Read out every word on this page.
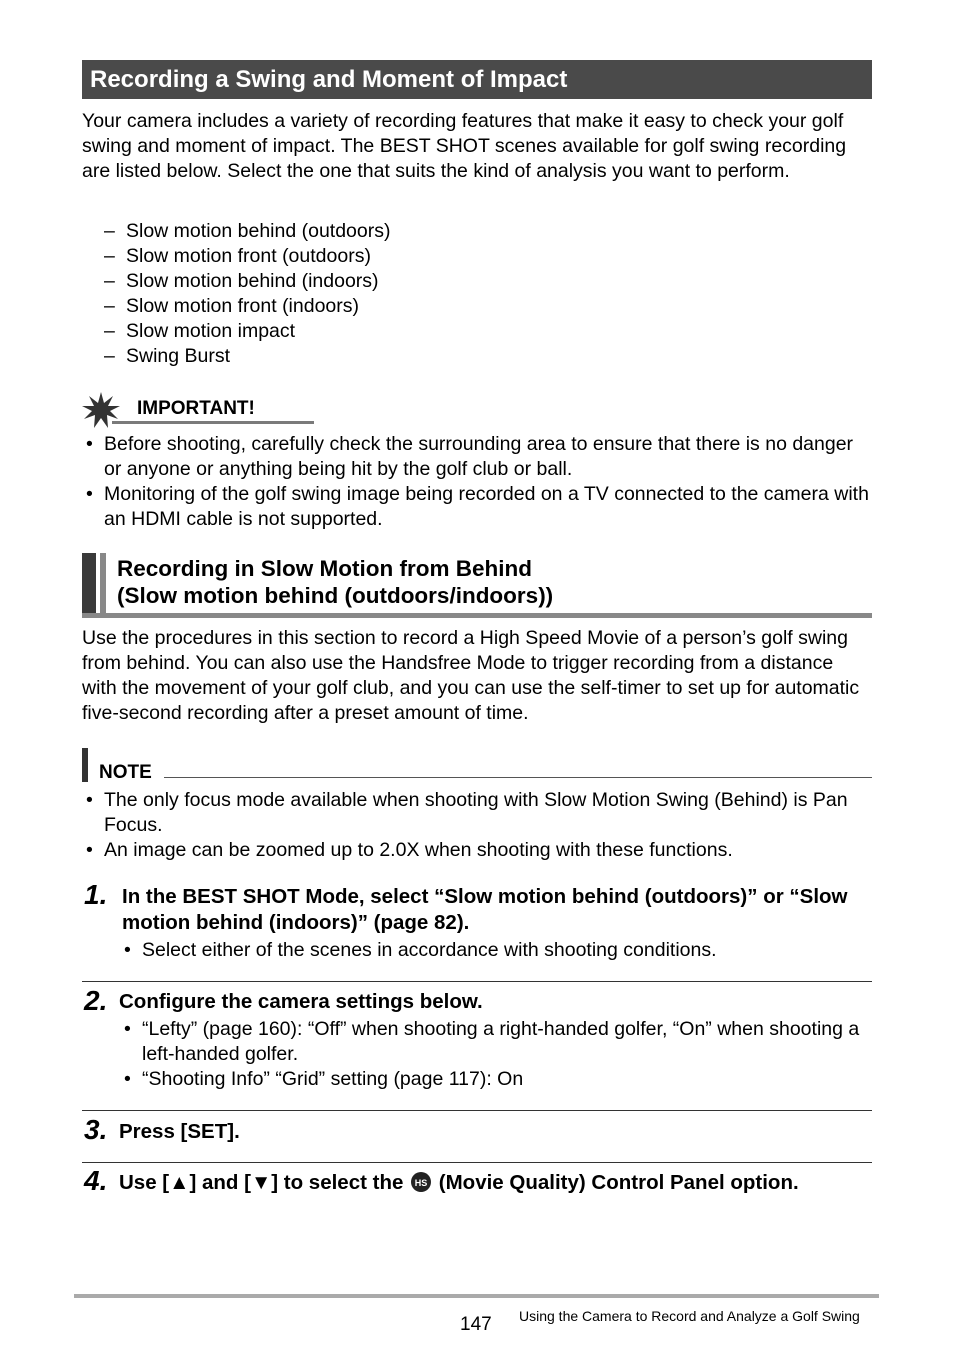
Recording a Swing and Moment of Impact

Your camera includes a variety of recording features that make it easy to check your golf swing and moment of impact. The BEST SHOT scenes available for golf swing recording are listed below. Select the one that suits the kind of analysis you want to perform.

– Slow motion behind (outdoors)
– Slow motion front (outdoors)
– Slow motion behind (indoors)
– Slow motion front (indoors)
– Slow motion impact
– Swing Burst
IMPORTANT!
• Before shooting, carefully check the surrounding area to ensure that there is no danger or anyone or anything being hit by the golf club or ball.
• Monitoring of the golf swing image being recorded on a TV connected to the camera with an HDMI cable is not supported.
Recording in Slow Motion from Behind
(Slow motion behind (outdoors/indoors))

Use the procedures in this section to record a High Speed Movie of a person’s golf swing from behind. You can also use the Handsfree Mode to trigger recording from a distance with the movement of your golf club, and you can use the self-timer to set up for automatic five-second recording after a preset amount of time.

NOTE
• The only focus mode available when shooting with Slow Motion Swing (Behind) is Pan Focus.
• An image can be zoomed up to 2.0X when shooting with these functions.
1. In the BEST SHOT Mode, select “Slow motion behind (outdoors)” or “Slow motion behind (indoors)” (page 82).
• Select either of the scenes in accordance with shooting conditions.
2. Configure the camera settings below.
• “Lefty” (page 160): “Off” when shooting a right-handed golfer, “On” when shooting a left-handed golfer.
• “Shooting Info” “Grid” setting (page 117): On
3. Press [SET].
4. Use [▲] and [▼] to select the HS (Movie Quality) Control Panel option.
147 Using the Camera to Record and Analyze a Golf Swing
